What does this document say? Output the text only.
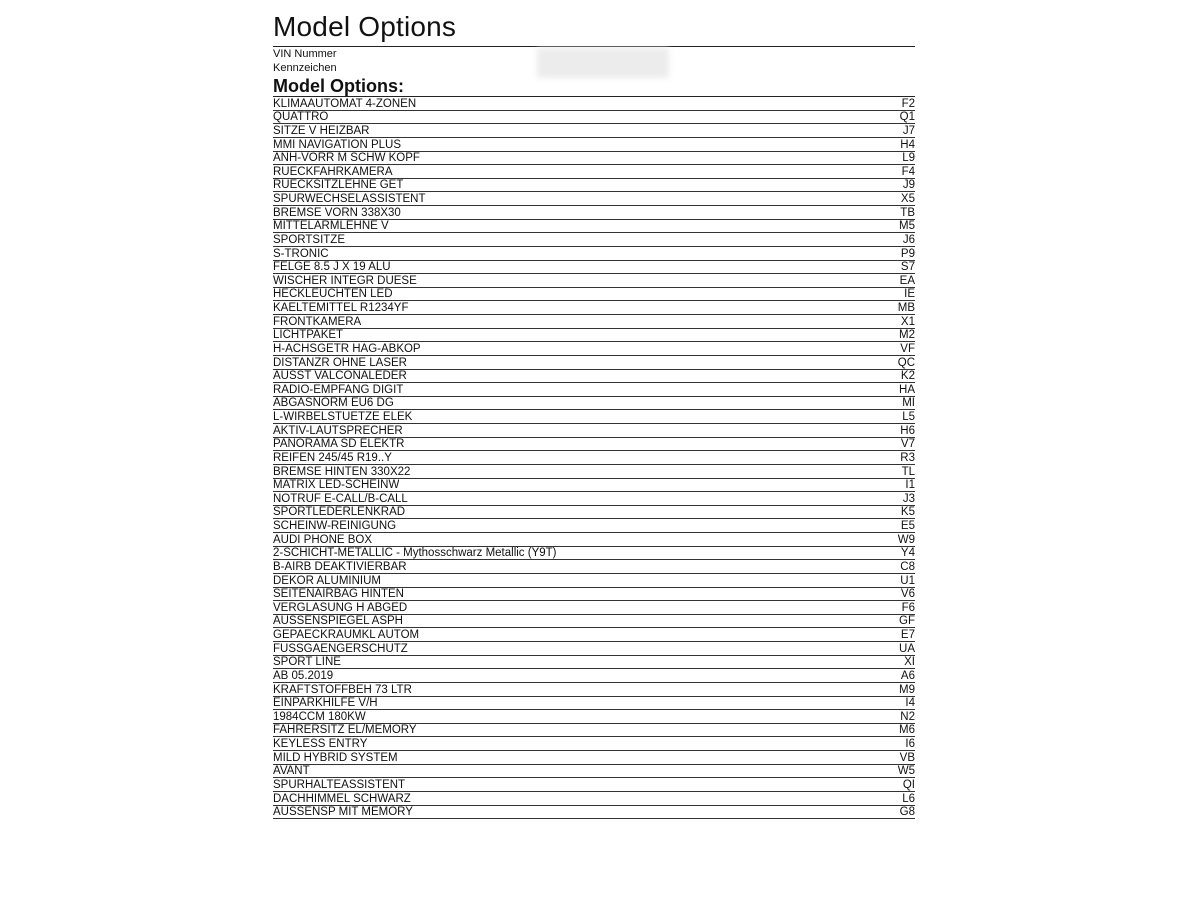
Model Options
VIN Nummer
Kennzeichen
Model Options:
KLIMAAUTOMAT 4-ZONEN	F2
QUATTRO	Q1
SITZE V HEIZBAR	J7
MMI NAVIGATION PLUS	H4
ANH-VORR M SCHW KOPF	L9
RUECKFAHRKAMERA	F4
RUECKSITZLEHNE GET	J9
SPURWECHSELASSISTENT	X5
BREMSE VORN 338X30	TB
MITTELARMLEHNE V	M5
SPORTSITZE	J6
S-TRONIC	P9
FELGE 8.5 J X 19 ALU	S7
WISCHER INTEGR DUESE	EA
HECKLEUCHTEN LED	IE
KAELTEMITTEL R1234YF	MB
FRONTKAMERA	X1
LICHTPAKET	M2
H-ACHSGETR HAG-ABKOP	VF
DISTANZR OHNE LASER	QC
AUSST VALCONALEDER	K2
RADIO-EMPFANG DIGIT	HA
ABGASNORM EU6 DG	MI
L-WIRBELSTUETZE ELEK	L5
AKTIV-LAUTSPRECHER	H6
PANORAMA SD ELEKTR	V7
REIFEN 245/45 R19..Y	R3
BREMSE HINTEN 330X22	TL
MATRIX LED-SCHEINW	I1
NOTRUF E-CALL/B-CALL	J3
SPORTLEDERLENKRAD	K5
SCHEINW-REINIGUNG	E5
AUDI PHONE BOX	W9
2-SCHICHT-METALLIC - Mythosschwarz Metallic (Y9T)	Y4
B-AIRB DEAKTIVIERBAR	C8
DEKOR ALUMINIUM	U1
SEITENAIRBAG HINTEN	V6
VERGLASUNG H ABGED	F6
AUSSENSPIEGEL ASPH	GF
GEPAECKRAUMKL AUTOM	E7
FUSSGAENGERSCHUTZ	UA
SPORT LINE	XI
AB 05.2019	A6
KRAFTSTOFFBEH 73 LTR	M9
EINPARKHILFE V/H	I4
1984CCM 180KW	N2
FAHRERSITZ EL/MEMORY	M6
KEYLESS ENTRY	I6
MILD HYBRID SYSTEM	VB
AVANT	W5
SPURHALTEASSISTENT	QI
DACHHIMMEL SCHWARZ	L6
AUSSENSP MIT MEMORY	G8
